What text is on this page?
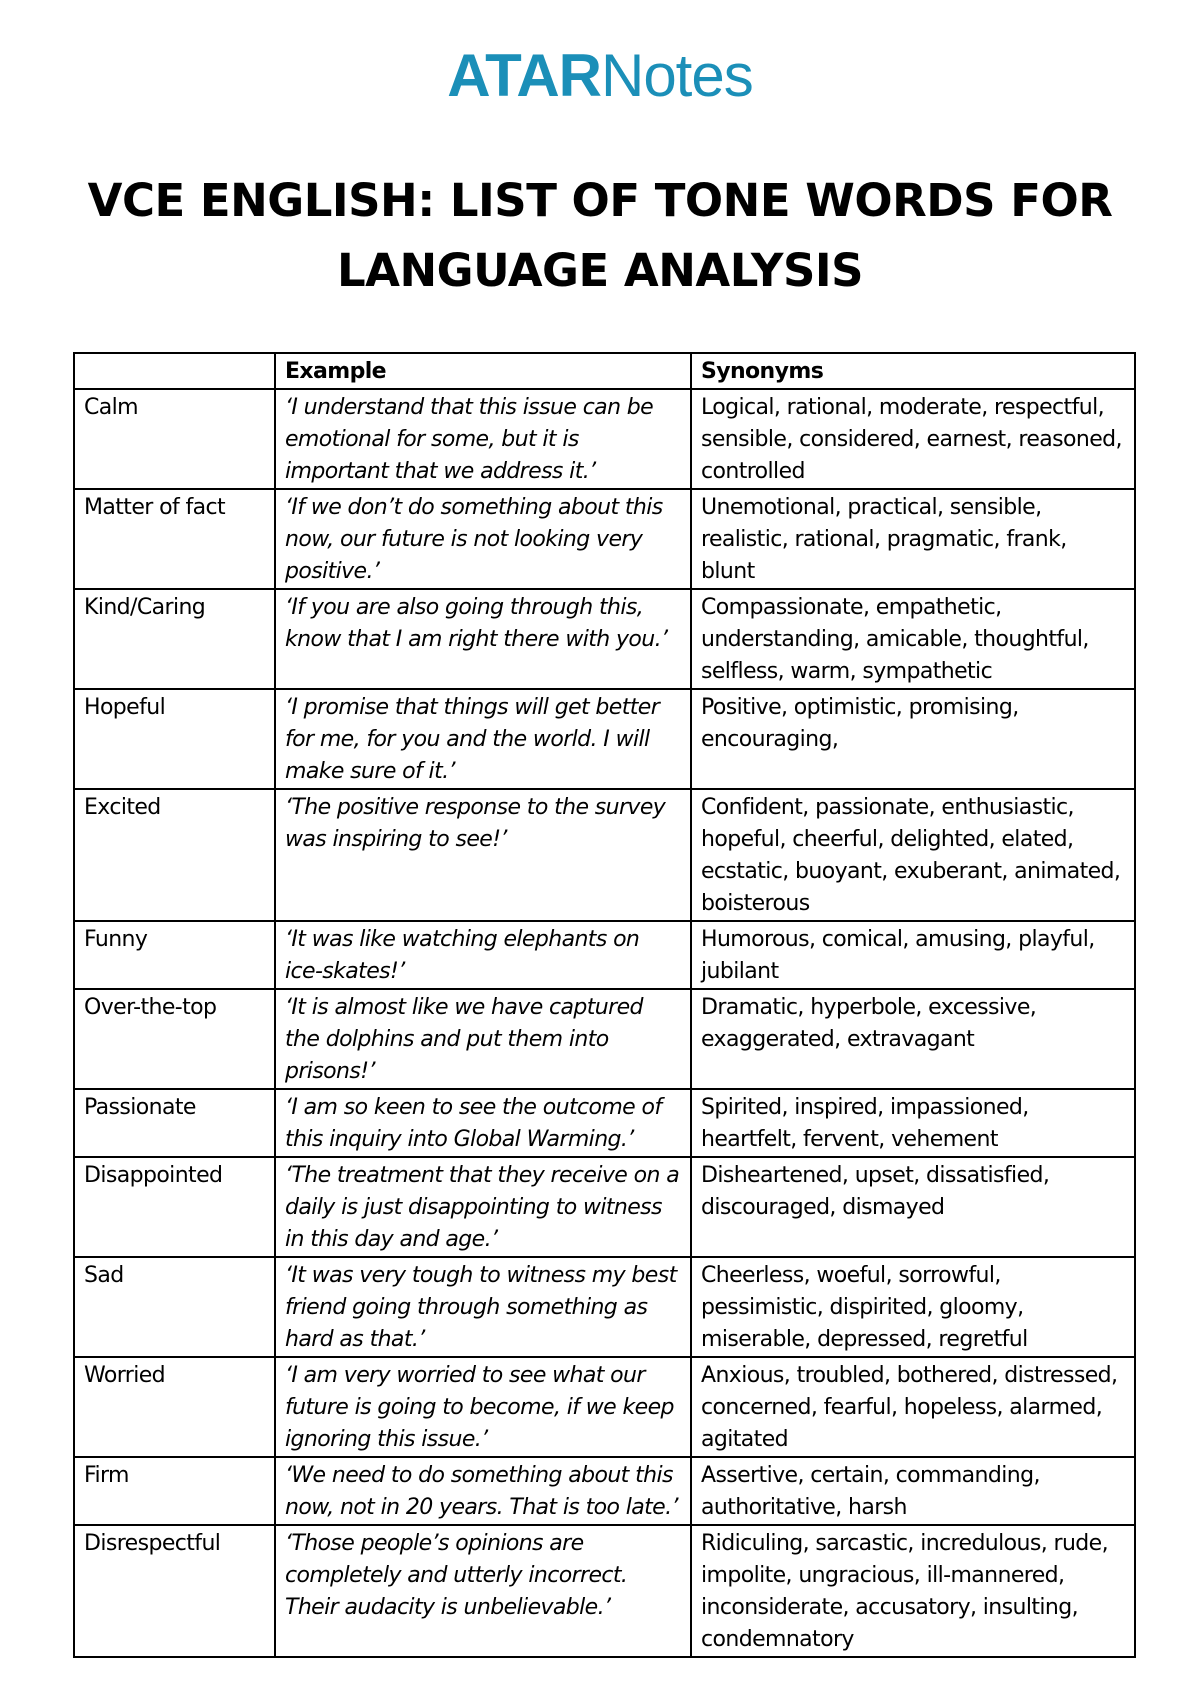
ATARNotes
VCE ENGLISH: LIST OF TONE WORDS FOR
LANGUAGE ANALYSIS
	Example	Synonyms
Calm	‘I understand that this issue can be emotional for some, but it is important that we address it.’	Logical, rational, moderate, respectful, sensible, considered, earnest, reasoned, controlled
Matter of fact	‘If we don’t do something about this now, our future is not looking very positive.’	Unemotional, practical, sensible, realistic, rational, pragmatic, frank, blunt
Kind/Caring	‘If you are also going through this, know that I am right there with you.’	Compassionate, empathetic, understanding, amicable, thoughtful, selfless, warm, sympathetic
Hopeful	‘I promise that things will get better for me, for you and the world. I will make sure of it.’	Positive, optimistic, promising, encouraging,
Excited	‘The positive response to the survey was inspiring to see!’	Confident, passionate, enthusiastic, hopeful, cheerful, delighted, elated, ecstatic, buoyant, exuberant, animated, boisterous
Funny	‘It was like watching elephants on ice-skates!’	Humorous, comical, amusing, playful, jubilant
Over-the-top	‘It is almost like we have captured the dolphins and put them into prisons!’	Dramatic, hyperbole, excessive, exaggerated, extravagant
Passionate	‘I am so keen to see the outcome of this inquiry into Global Warming.’	Spirited, inspired, impassioned, heartfelt, fervent, vehement
Disappointed	‘The treatment that they receive on a daily is just disappointing to witness in this day and age.’	Disheartened, upset, dissatisfied, discouraged, dismayed
Sad	‘It was very tough to witness my best friend going through something as hard as that.’	Cheerless, woeful, sorrowful, pessimistic, dispirited, gloomy, miserable, depressed, regretful
Worried	‘I am very worried to see what our future is going to become, if we keep ignoring this issue.’	Anxious, troubled, bothered, distressed, concerned, fearful, hopeless, alarmed, agitated
Firm	‘We need to do something about this now, not in 20 years. That is too late.’	Assertive, certain, commanding, authoritative, harsh
Disrespectful	‘Those people’s opinions are completely and utterly incorrect. Their audacity is unbelievable.’	Ridiculing, sarcastic, incredulous, rude, impolite, ungracious, ill-mannered, inconsiderate, accusatory, insulting, condemnatory
